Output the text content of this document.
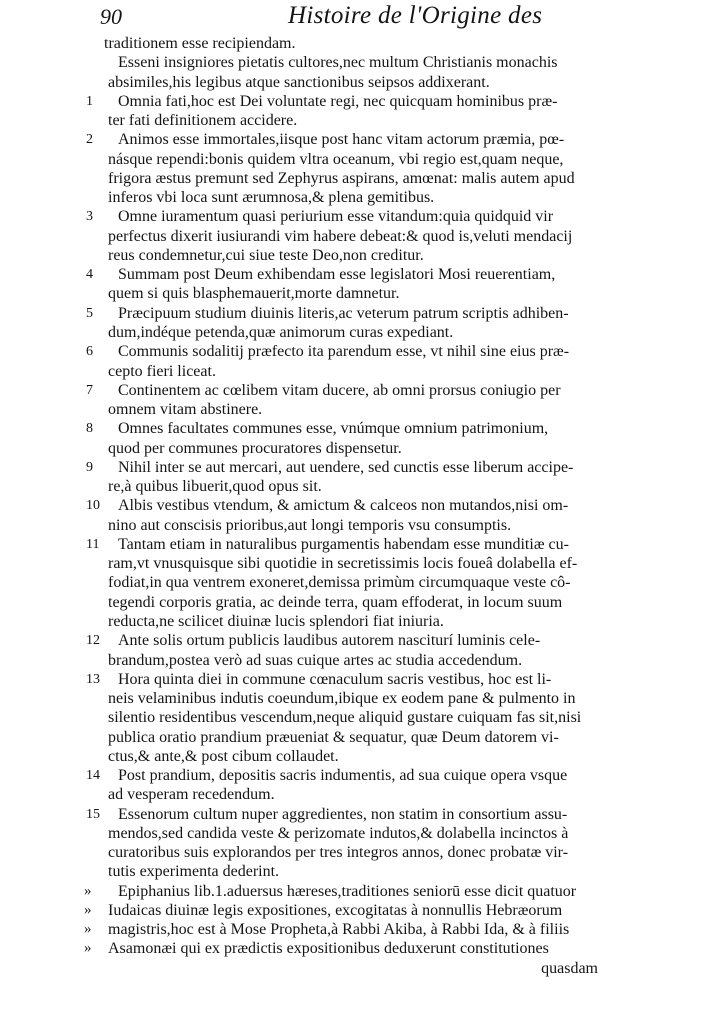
90	Histoire de l'Origine des
traditionem esse recipiendam.
Esseni insigniores pietatis cultores,nec multum Christianis monachis
absimiles,his legibus atque sanctionibus seipsos addixerant.
1 Omnia fati,hoc est Dei voluntate regi, nec quicquam hominibus præ-
ter fati definitionem accidere.
2 Animos esse immortales,iisque post hanc vitam actorum præmia, pœ-
násque rependi:bonis quidem vltra oceanum, vbi regio est,quam neque,
frigora æstus premunt sed Zephyrus aspirans, amœnat: malis autem apud
inferos vbi loca sunt ærumnosa,& plena gemitibus.
3 Omne iuramentum quasi periurium esse vitandum:quia quidquid vir
perfectus dixerit iusiurandi vim habere debeat:& quod is,veluti mendacij
reus condemnetur,cui siue teste Deo,non creditur.
4 Summam post Deum exhibendam esse legislatori Mosi reuerentiam,
quem si quis blasphemauerit,morte damnetur.
5 Præcipuum studium diuinis literis,ac veterum patrum scriptis adhiben-
dum,indéque petenda,quæ animorum curas expediant.
6 Communis sodalitij præfecto ita parendum esse, vt nihil sine eius præ-
cepto fieri liceat.
7 Continentem ac cœlibem vitam ducere, ab omni prorsus coniugio per
omnem vitam abstinere.
8 Omnes facultates communes esse, vnúmque omnium patrimonium,
quod per communes procuratores dispensetur.
9 Nihil inter se aut mercari, aut uendere, sed cunctis esse liberum accipe-
re,à quibus libuerit,quod opus sit.
10 Albis vestibus vtendum, & amictum & calceos non mutandos,nisi om-
nino aut conscisis prioribus,aut longi temporis vsu consumptis.
11 Tantam etiam in naturalibus purgamentis habendam esse munditiæ cu-
ram,vt vnusquisque sibi quotidie in secretissimis locis foueâ dolabella ef-
fodiat,in qua ventrem exoneret,demissa primùm circumquaque veste cô-
tegendi corporis gratia, ac deinde terra, quam effoderat, in locum suum
reducta,ne scilicet diuinæ lucis splendori fiat iniuria.
12 Ante solis ortum publicis laudibus autorem nasciturí luminis cele-
brandum,postea verò ad suas cuique artes ac studia accedendum.
13 Hora quinta diei in commune cœnaculum sacris vestibus, hoc est li-
neis velaminibus indutis coeundum,ibique ex eodem pane & pulmento in
silentio residentibus vescendum,neque aliquid gustare cuiquam fas sit,nisi
publica oratio prandium præueniat & sequatur, quæ Deum datorem vi-
ctus,& ante,& post cibum collaudet.
14 Post prandium, depositis sacris indumentis, ad sua cuique opera vsque
ad vesperam recedendum.
15 Essenorum cultum nuper aggredientes, non statim in consortium assu-
mendos,sed candida veste & perizomate indutos,& dolabella incinctos à
curatoribus suis explorandos per tres integros annos, donec probatæ vir-
tutis experimenta dederint.
» Epiphanius lib.1.aduersus hæreses,traditiones seniorū esse dicit quatuor
» Iudaicas diuinæ legis expositiones, excogitatas à nonnullis Hebræorum
» magistris,hoc est à Mose Propheta,à Rabbi Akiba, à Rabbi Ida, & à filiis
» Asamonæi qui ex prædictis expositionibus deduxerunt constitutiones
quasdam
